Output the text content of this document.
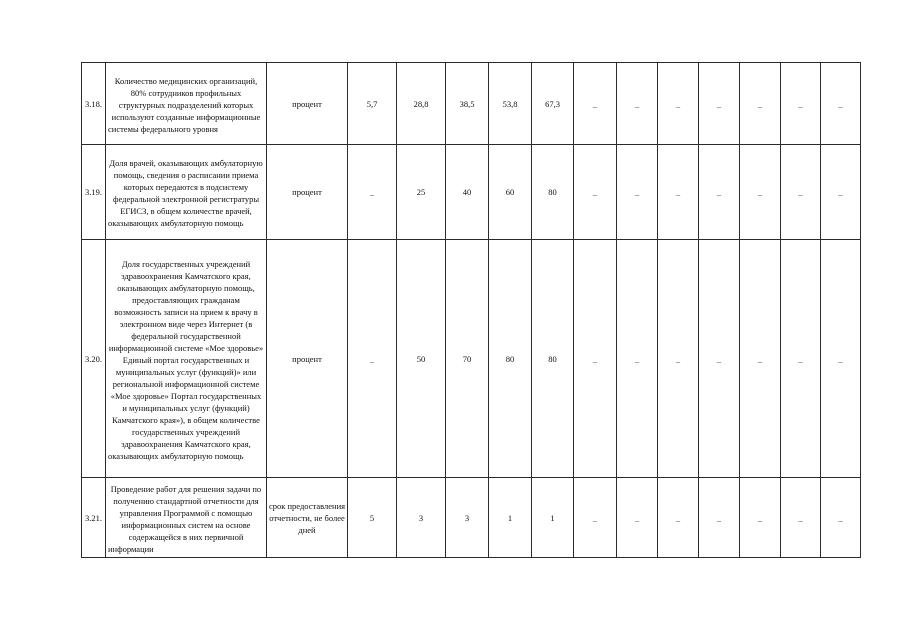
3.18.	Количество медицинских организаций, 80% сотрудников профильных структурных подразделений которых используют созданные информационные системы федерального уровня	процент	5,7	28,8	38,5	53,8	67,3	_	_	_	_	_	_	_
3.19.	Доля врачей, оказывающих амбулаторную помощь, сведения о расписании приема которых передаются в подсистему федеральной электронной регистратуры ЕГИСЗ, в общем количестве врачей, оказывающих амбулаторную помощь	процент	_	25	40	60	80	_	_	_	_	_	_	_
3.20.	Доля государственных учреждений здравоохранения Камчатского края, оказывающих амбулаторную помощь, предоставляющих гражданам возможность записи на прием к врачу в электронном виде через Интернет (в федеральной государственной информационной системе «Мое здоровье» Единый портал государственных и муниципальных услуг (функций)» или региональной информационной системе «Мое здоровье» Портал государственных и муниципальных услуг (функций) Камчатского края»), в общем количестве государственных учреждений здравоохранения Камчатского края, оказывающих амбулаторную помощь	процент	_	50	70	80	80	_	_	_	_	_	_	_
3.21.	Проведение работ для решения задачи по получению стандартной отчетности для управления Программой с помощью информационных систем на основе содержащейся в них первичной информации	срок предоставления отчетности, не более дней	5	3	3	1	1	_	_	_	_	_	_	_
